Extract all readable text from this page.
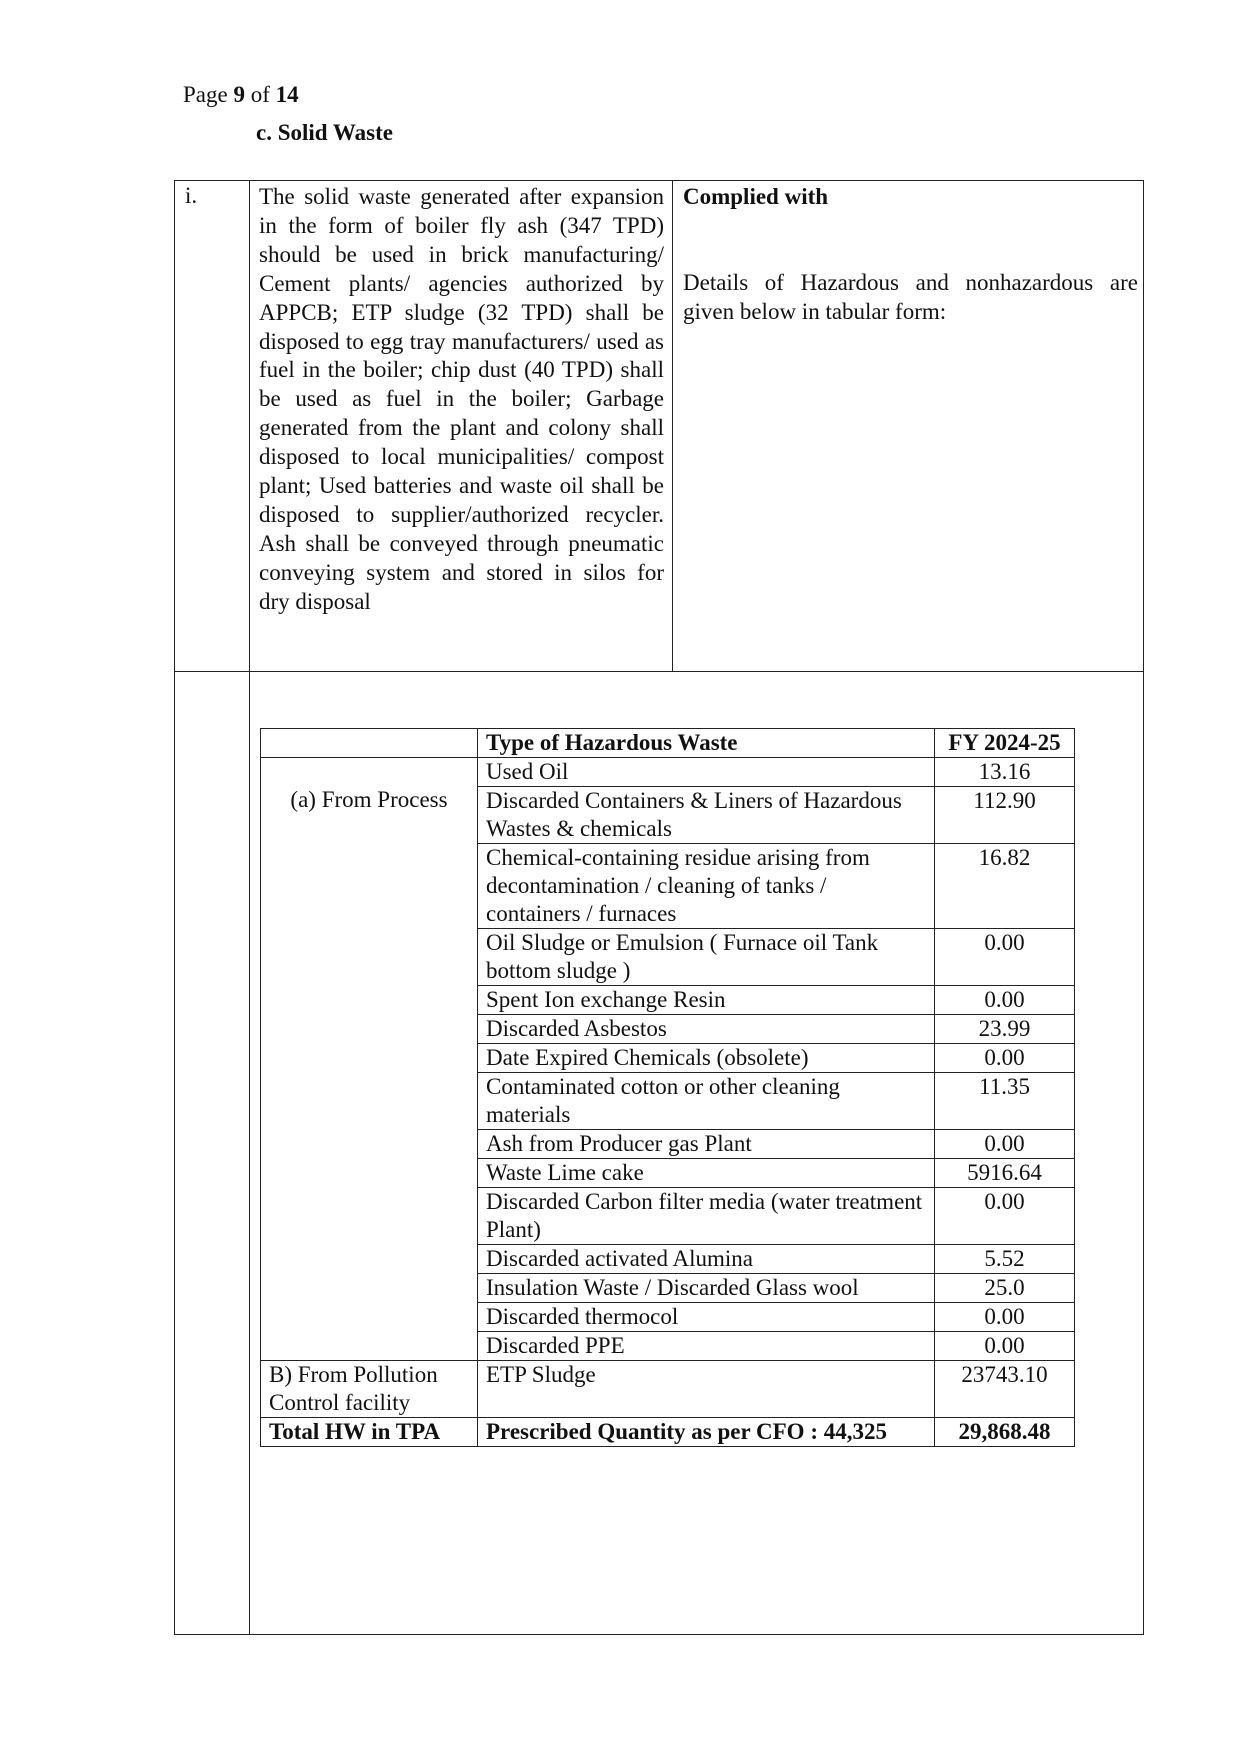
Page 9 of 14
c. Solid Waste
i.	The solid waste generated after expansion in the form of boiler fly ash (347 TPD) should be used in brick manufacturing/ Cement plants/ agencies authorized by APPCB; ETP sludge (32 TPD) shall be disposed to egg tray manufacturers/ used as fuel in the boiler; chip dust (40 TPD) shall be used as fuel in the boiler; Garbage generated from the plant and colony shall disposed to local municipalities/ compost plant; Used batteries and waste oil shall be disposed to supplier/authorized recycler. Ash shall be conveyed through pneumatic conveying system and stored in silos for dry disposal
Complied with
Details of Hazardous and nonhazardous are given below in tabular form:
	Type of Hazardous Waste	FY 2024-25
(a) From Process	Used Oil	13.16
	Discarded Containers & Liners of Hazardous Wastes & chemicals	112.90
	Chemical-containing residue arising from decontamination / cleaning of tanks / containers / furnaces	16.82
	Oil Sludge or Emulsion ( Furnace oil Tank bottom sludge )	0.00
	Spent Ion exchange Resin	0.00
	Discarded Asbestos	23.99
	Date Expired Chemicals (obsolete)	0.00
	Contaminated cotton or other cleaning materials	11.35
	Ash from Producer gas Plant	0.00
	Waste Lime cake	5916.64
	Discarded Carbon filter media (water treatment Plant)	0.00
	Discarded activated Alumina	5.52
	Insulation Waste / Discarded Glass wool	25.0
	Discarded thermocol	0.00
	Discarded PPE	0.00
B) From Pollution Control facility	ETP Sludge	23743.10
Total HW in TPA	Prescribed Quantity as per CFO : 44,325	29,868.48
